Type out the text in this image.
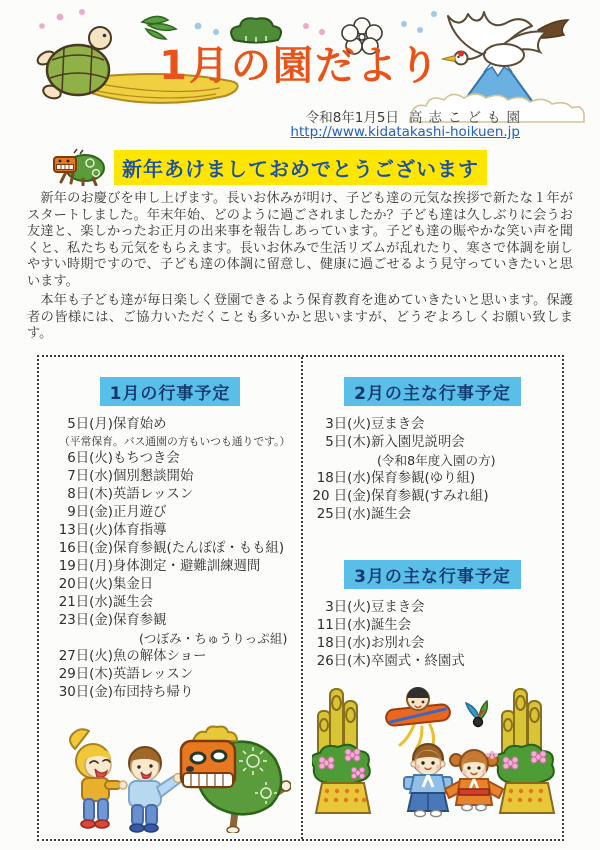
1月の園だより
令和8年1月5日 高志こども園
http://www.kidatakashi-hoikuen.jp
新年あけましておめでとうございます

　新年のお慶びを申し上げます。長いお休みが明け、子ども達の元気な挨拶で新たな１年がスタートしました。年末年始、どのように過ごされましたか？子ども達は久しぶりに会うお友達と、楽しかったお正月の出来事を報告しあっています。子ども達の賑やかな笑い声を聞くと、私たちも元気をもらえます。長いお休みで生活リズムが乱れたり、寒さで体調を崩しやすい時期ですので、子ども達の体調に留意し、健康に過ごせるよう見守っていきたいと思います。

　本年も子ども達が毎日楽しく登園できるよう保育教育を進めていきたいと思います。保護者の皆様には、ご協力いただくことも多いかと思いますが、どうぞよろしくお願い致します。

1月の行事予定
5日(月) 保育始め
（平常保育。バス通園の方もいつも通りです。）
6日(火) もちつき会
7日(水) 個別懇談開始
8日(木) 英語レッスン
9日(金) 正月遊び
13日(火) 体育指導
16日(金) 保育参観(たんぽぽ・もも組)
19日(月) 身体測定・避難訓練週間
20日(火) 集金日
21日(水) 誕生会
23日(金) 保育参観
(つぼみ・ちゅうりっぷ組)
27日(火) 魚の解体ショー
29日(木) 英語レッスン
30日(金) 布団持ち帰り
2月の主な行事予定
3日(火) 豆まき会
5日(木) 新入園児説明会
(令和8年度入園の方)
18日(水) 保育参観(ゆり組)
20 日(金) 保育参観(すみれ組)
25日(水) 誕生会
3月の主な行事予定
3日(火) 豆まき会
11日(水) 誕生会
18日(水) お別れ会
26日(木) 卒園式・終園式
